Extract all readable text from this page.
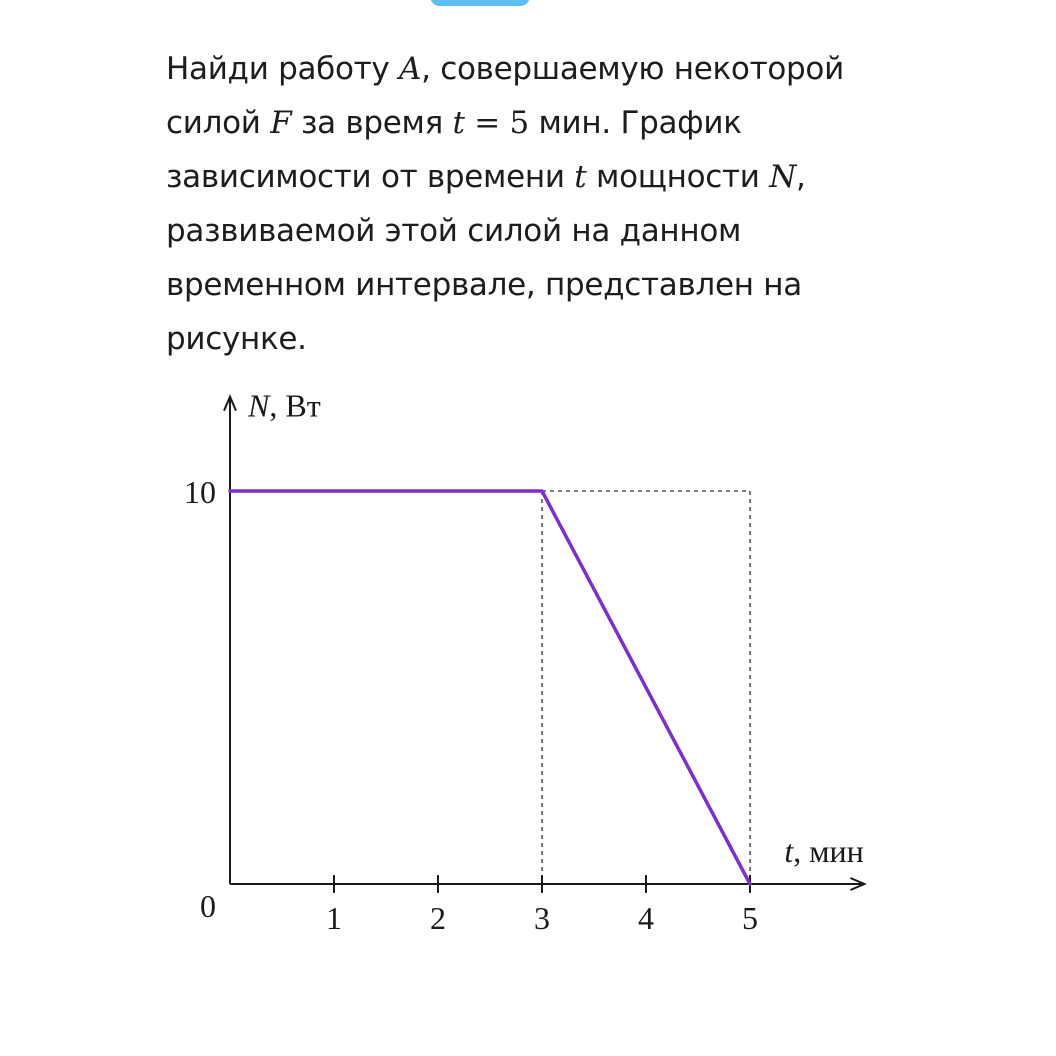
Найди работу A, совершаемую некоторой
силой F за время t = 5 мин. График
зависимости от времени t мощности N,
развиваемой этой силой на данном
временном интервале, представлен на
рисунке.
1	2	3	4	5
10
0
N, Вт
t, мин
